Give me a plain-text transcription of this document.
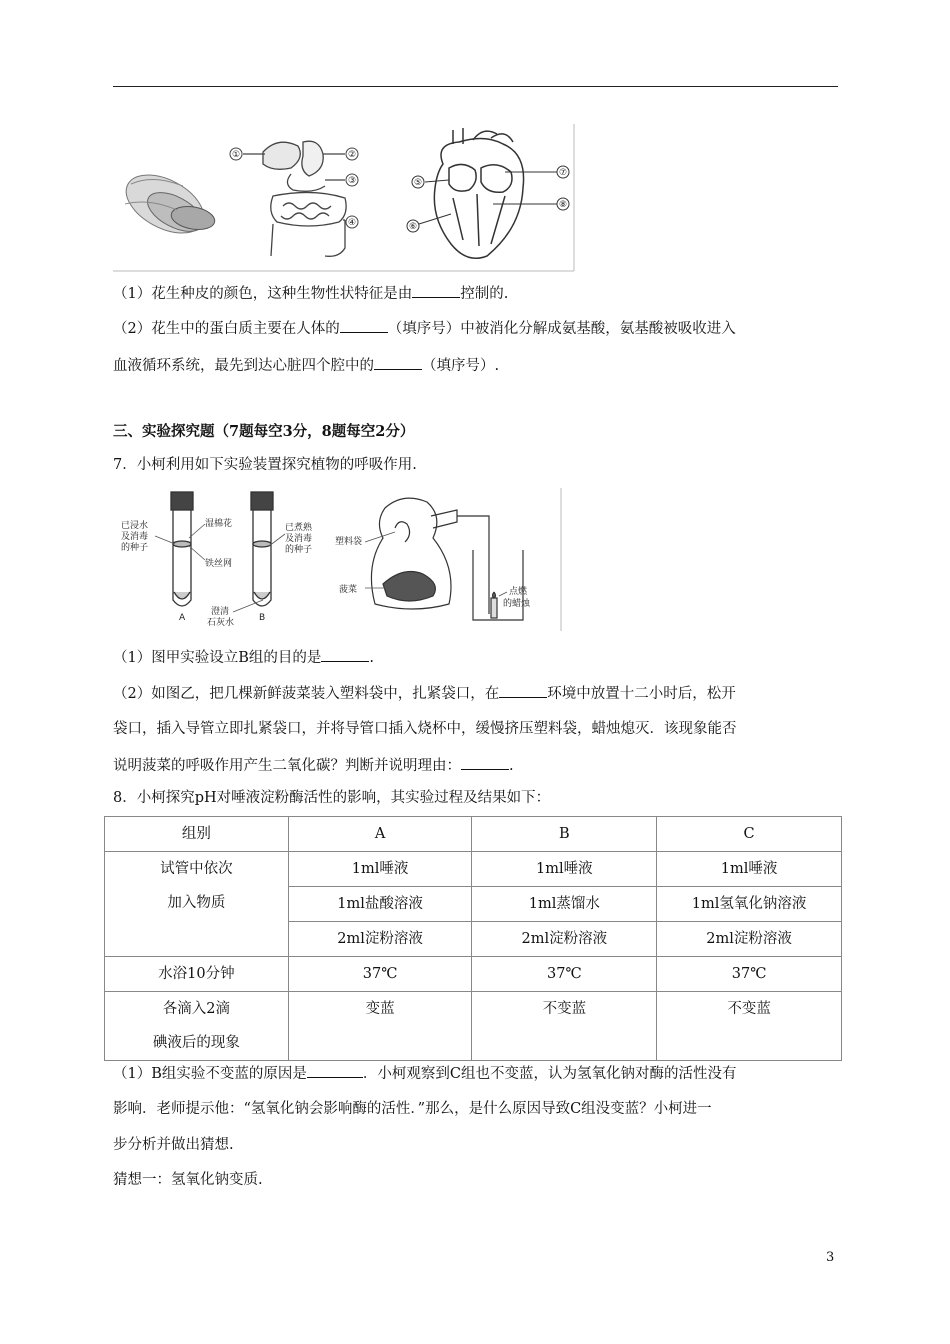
①	②
③
④
⑤
⑦
⑧
⑥
（1）花生种皮的颜色，这种生物性状特征是由	控制的.
（2）花生中的蛋白质主要在人体的	（填序号）中被消化分解成氨基酸，氨基酸被吸收进入
血液循环系统，最先到达心脏四个腔中的	（填序号）.
三、实验探究题（7题每空3分，8题每空2分）
7．小柯利用如下实验装置探究植物的呼吸作用.
已浸水
及消毒
的种子
湿棉花
铁丝网
已煮熟
及消毒
的种子
A	B
澄清
石灰水
塑料袋
菠菜	点燃
的蜡烛
（1）图甲实验设立B组的目的是	.
（2）如图乙，把几棵新鲜菠菜装入塑料袋中，扎紧袋口，在	环境中放置十二小时后，松开
袋口，插入导管立即扎紧袋口，并将导管口插入烧杯中，缓慢挤压塑料袋，蜡烛熄灭．该现象能否
说明菠菜的呼吸作用产生二氧化碳？判断并说明理由：	.
8．小柯探究pH对唾液淀粉酶活性的影响，其实验过程及结果如下：
组别	A	B	C

试管中依次
加入物质	1ml唾液	1ml唾液	1ml唾液
	1ml盐酸溶液	1ml蒸馏水	1ml氢氧化钠溶液
	2ml淀粉溶液	2ml淀粉溶液	2ml淀粉溶液
水浴10分钟	37℃	37℃	37℃

各滴入2滴
碘液后的现象	变蓝	不变蓝	不变蓝
（1）B组实验不变蓝的原因是	．小柯观察到C组也不变蓝，认为氢氧化钠对酶的活性没有
影响．老师提示他：“氢氧化钠会影响酶的活性．”那么，是什么原因导致C组没变蓝？小柯进一
步分析并做出猜想.
猜想一：氢氧化钠变质.
3
